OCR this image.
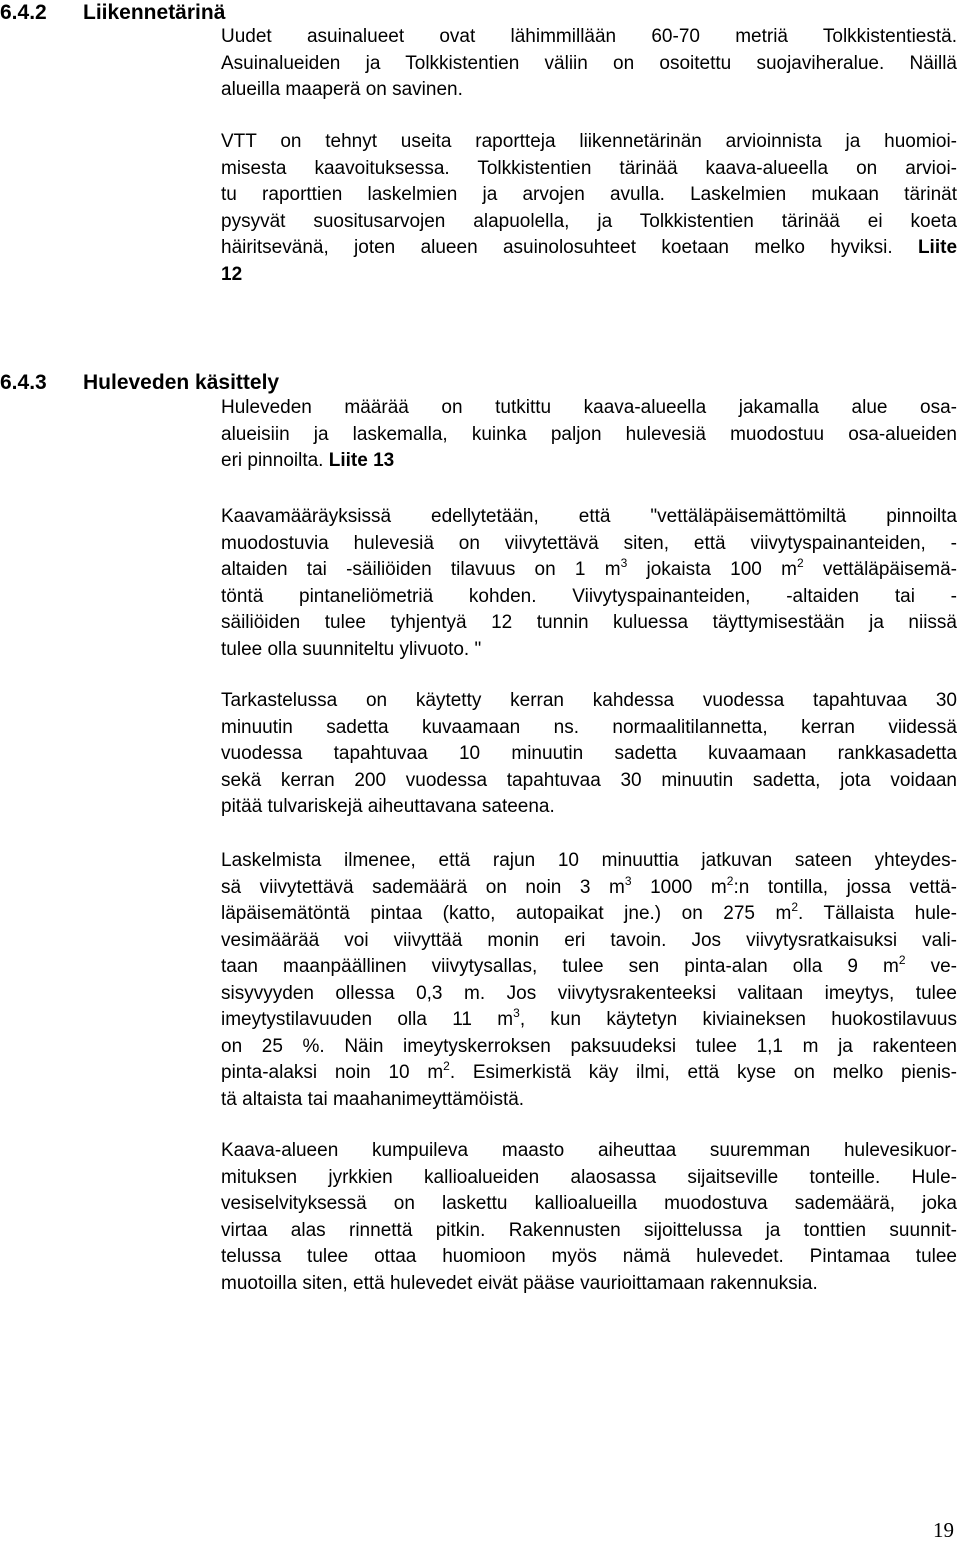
6.4.2 Liikennetärinä
Uudet asuinalueet ovat lähimmillään 60-70 metriä Tolkkistentiestä.
Asuinalueiden ja Tolkkistentien väliin on osoitettu suojaviheralue. Näillä
alueilla maaperä on savinen.
VTT on tehnyt useita raportteja liikennetärinän arvioinnista ja huomioi-
misesta kaavoituksessa. Tolkkistentien tärinää kaava-alueella on arvioi-
tu raporttien laskelmien ja arvojen avulla. Laskelmien mukaan tärinät
pysyvät suositusarvojen alapuolella, ja Tolkkistentien tärinää ei koeta
häiritsevänä, joten alueen asuinolosuhteet koetaan melko hyviksi. Liite
12
6.4.3 Huleveden käsittely
Huleveden määrää on tutkittu kaava-alueella jakamalla alue osa-
alueisiin ja laskemalla, kuinka paljon hulevesiä muodostuu osa-alueiden
eri pinnoilta. Liite 13
Kaavamääräyksissä edellytetään, että "vettäläpäisemättömiltä pinnoilta
muodostuvia hulevesiä on viivytettävä siten, että viivytyspainanteiden, -
altaiden tai -säiliöiden tilavuus on 1 $m^3$ jokaista 100 $m^2$ vettäläpäisemä-
töntä pintaneliömetriä kohden. Viivytyspainanteiden, -altaiden tai -
säiliöiden tulee tyhjentyä 12 tunnin kuluessa täyttymisestään ja niissä
tulee olla suunniteltu ylivuoto. "
Tarkastelussa on käytetty kerran kahdessa vuodessa tapahtuvaa 30
minuutin sadetta kuvaamaan ns. normaalitilannetta, kerran viidessä
vuodessa tapahtuvaa 10 minuutin sadetta kuvaamaan rankkasadetta
sekä kerran 200 vuodessa tapahtuvaa 30 minuutin sadetta, jota voidaan
pitää tulvariskejä aiheuttavana sateena.
Laskelmista ilmenee, että rajun 10 minuuttia jatkuvan sateen yhteydes-
sä viivytettävä sademäärä on noin 3 $m^3$ 1000 $m^2:n$ tontilla, jossa vettä-
läpäisemätöntä pintaa (katto, autopaikat jne.) on 275 $m^2$. Tällaista hule-
vesimäärää voi viivyttää monin eri tavoin. Jos viivytysratkaisuksi vali-
taan maanpäällinen viivytysallas, tulee sen pinta-alan olla 9 $m^2$ ve-
sisyvyyden ollessa 0,3 m. Jos viivytysrakenteeksi valitaan imeytys, tulee
imeytystilavuuden olla 11 $m^3$, kun käytetyn kiviaineksen huokostilavuus
on 25 %. Näin imeytyskerroksen paksuudeksi tulee 1,1 m ja rakenteen
pinta-alaksi noin 10 $m^2$. Esimerkistä käy ilmi, että kyse on melko pienis-
tä altaista tai maahanimeyttämöistä.
Kaava-alueen kumpuileva maasto aiheuttaa suuremman hulevesikuor-
mituksen jyrkkien kallioalueiden alaosassa sijaitseville tonteille. Hule-
vesiselvityksessä on laskettu kallioalueilla muodostuva sademäärä, joka
virtaa alas rinnettä pitkin. Rakennusten sijoittelussa ja tonttien suunnit-
telussa tulee ottaa huomioon myös nämä hulevedet. Pintamaa tulee
muotoilla siten, että hulevedet eivät pääse vaurioittamaan rakennuksia.
19
